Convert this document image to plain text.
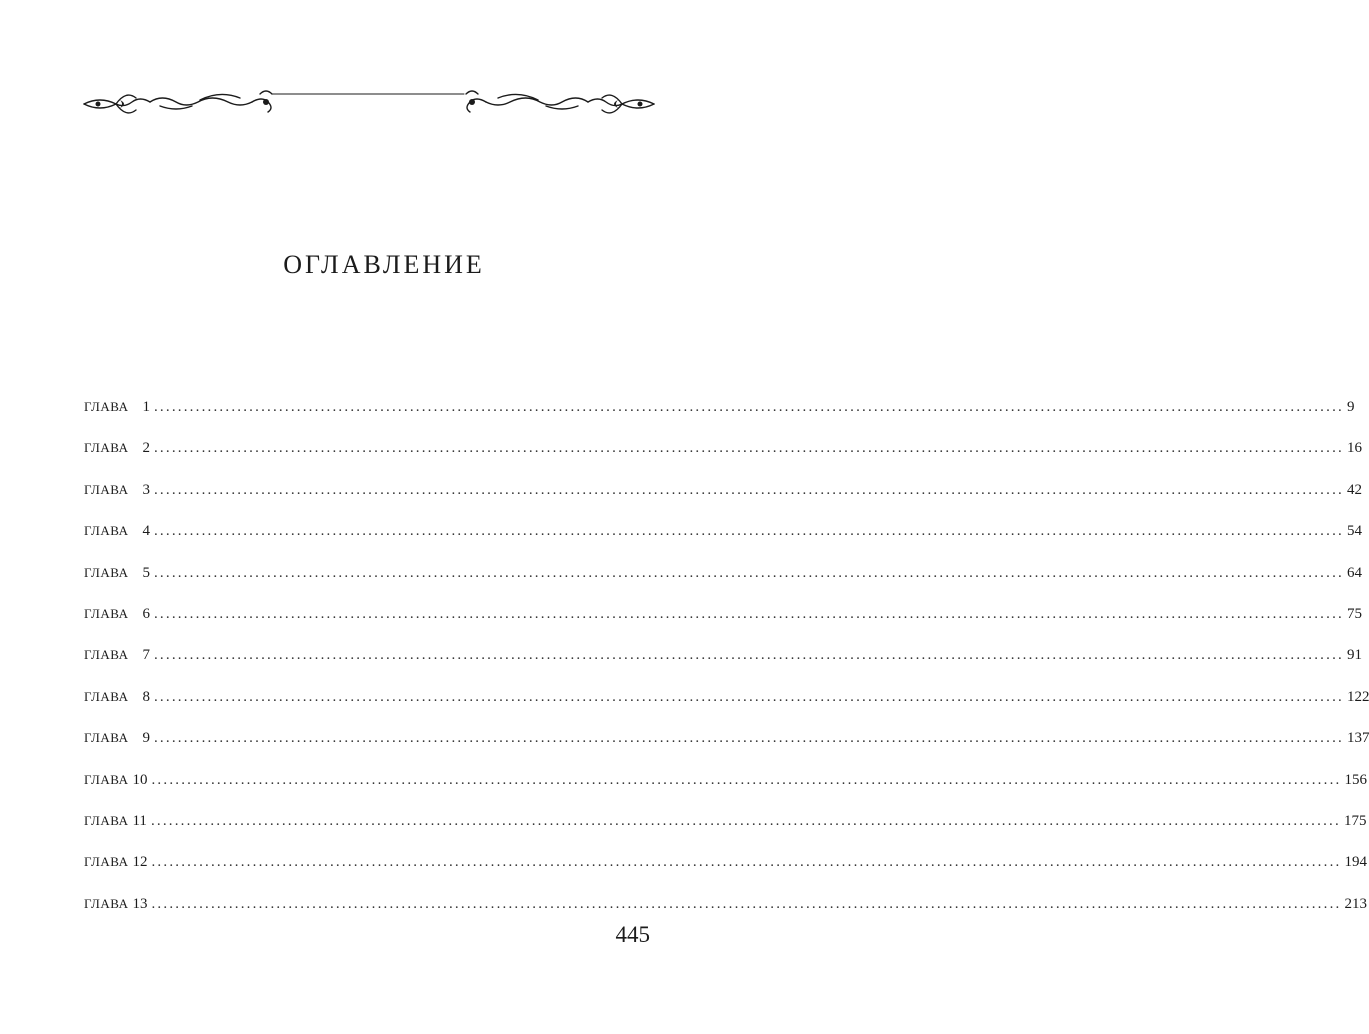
ОГЛАВЛЕНИЕ
ГЛАВА 1 ........................................................................................................................................................................................................ 9
ГЛАВА 2 ........................................................................................................................................................................................................ 16
ГЛАВА 3 ........................................................................................................................................................................................................ 42
ГЛАВА 4 ........................................................................................................................................................................................................ 54
ГЛАВА 5 ........................................................................................................................................................................................................ 64
ГЛАВА 6 ........................................................................................................................................................................................................ 75
ГЛАВА 7 ........................................................................................................................................................................................................ 91
ГЛАВА 8 ........................................................................................................................................................................................................ 122
ГЛАВА 9 ........................................................................................................................................................................................................ 137
ГЛАВА 10 ........................................................................................................................................................................................................ 156
ГЛАВА 11 ........................................................................................................................................................................................................ 175
ГЛАВА 12 ........................................................................................................................................................................................................ 194
ГЛАВА 13 ........................................................................................................................................................................................................ 213
445
